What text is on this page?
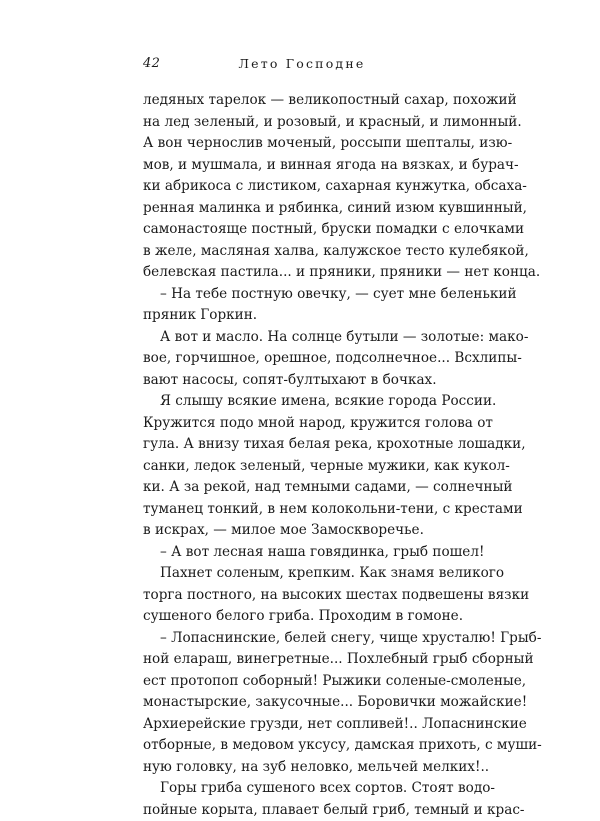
42	Лето Господне
ледяных тарелок — великопостный сахар, похожий
на лед зеленый, и розовый, и красный, и лимонный.
А вон чернослив моченый, россыпи шепталы, изю-
мов, и мушмала, и винная ягода на вязках, и бурач-
ки абрикоса с листиком, сахарная кунжутка, обсаха-
ренная малинка и рябинка, синий изюм кувшинный,
самонастояще постный, бруски помадки с елочками
в желе, масляная халва, калужское тесто кулебякой,
белевская пастила... и пряники, пряники — нет конца.
– На тебе постную овечку, — сует мне беленький
пряник Горкин.
А вот и масло. На солнце бутыли — золотые: мако-
вое, горчишное, орешное, подсолнечное... Всхлипы-
вают насосы, сопят-бултыхают в бочках.
Я слышу всякие имена, всякие города России.
Кружится подо мной народ, кружится голова от
гула. А внизу тихая белая река, крохотные лошадки,
санки, ледок зеленый, черные мужики, как кукол-
ки. А за рекой, над темными садами, — солнечный
туманец тонкий, в нем колокольни-тени, с крестами
в искрах, — милое мое Замоскворечье.
– А вот лесная наша говядинка, грыб пошел!
Пахнет соленым, крепким. Как знамя великого
торга постного, на высоких шестах подвешены вязки
сушеного белого гриба. Проходим в гомоне.
– Лопаснинские, белей снегу, чище хрусталю! Грыб-
ной елараш, винегретные... Похлебный грыб сборный
ест протопоп соборный! Рыжики соленые-смоленые,
монастырские, закусочные... Боровички можайские!
Архиерейские грузди, нет сопливей!.. Лопаснинские
отборные, в медовом уксусу, дамская прихоть, с муши-
ную головку, на зуб неловко, мельчей мелких!..
Горы гриба сушеного всех сортов. Стоят водо-
пойные корыта, плавает белый гриб, темный и крас-
